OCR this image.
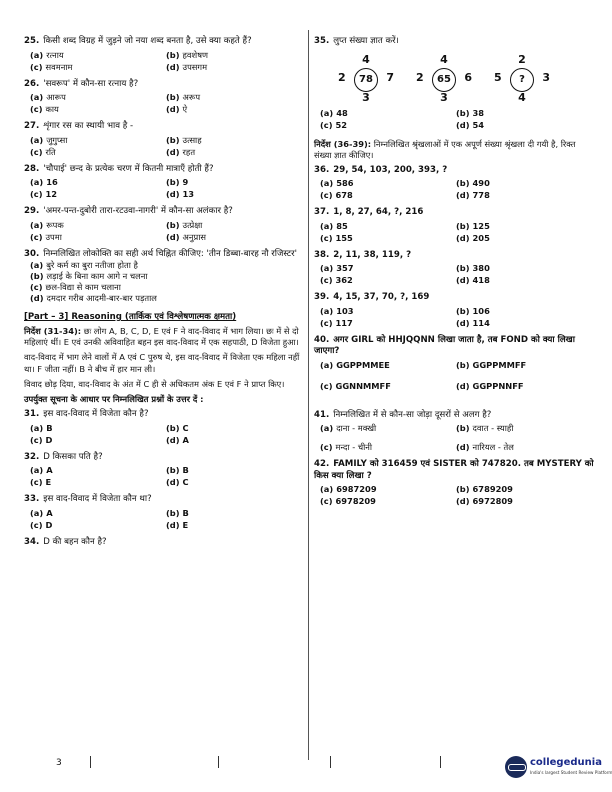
25. किसी शब्द विग्रह में जुड़ने जो नया शब्द बनता है, उसे क्या कहते हैं?
(a) रत्नाय	(b) हवशेषण
(c) सवमनाम	(d) उपसगम
26. 'सवरूप' में कौन-सा रत्नाय है?
(a) आरूप	(b) अरूप
(c) काय	(d) ऐ
27. शृंगार रस का स्थायी भाव है -
(a) जुगुप्सा	(b) उत्साह
(c) रति	(d) रहत
28. 'चौपाई' छन्द के प्रत्येक चरण में कितनी मात्राएँ होती हैं?
(a) 16	(b) 9
(c) 12	(d) 13
29. 'अमर-पन्त-दुबोरी तारा-रटउवा-नागरी' में कौन-सा अलंकार है?
(a) रूपक	(b) उत्प्रेक्षा
(c) उपमा	(d) अनुप्रास
30. निम्नलिखित लोकोक्ति का सही अर्थ चिह्नित कीजिए: 'तीन डिब्बा-बारह नौ रजिस्टर'
(a) बुरे कर्म का बुरा नतीजा होता है
(b) लड़ाई के बिना काम आगे न चलना
(c) छल-विद्या से काम चलाना
(d) दमदार गरीब आदमी-बार-बार पड़ताल
[Part – 3] Reasoning (तार्किक एवं विश्लेषणात्मक क्षमता)
निर्देश (31-34): छः लोग A, B, C, D, E एवं F ने वाद-विवाद में भाग लिया। छः में से दो महिलाएं थीं। E एवं उनकी अविवाहित बहन इस वाद-विवाद में एक सहपाठी, D विजेता हुआ।
वाद-विवाद में भाग लेने वालों में A एवं C पुरुष थे, इस वाद-विवाद में विजेता एक महिला नहीं था। F जीता नहीं। B ने बीच में हार मान ली।
विवाद छोड़ दिया, वाद-विवाद के अंत में C ही से अधिकतम अंक E एवं F ने प्राप्त किए।
उपर्युक्त सूचना के आधार पर निम्नलिखित प्रश्नों के उत्तर दें :
31. इस वाद-विवाद में विजेता कौन है?
(a) B	(b) C
(c) D	(d) A
32. D किसका पति है?
(a) A	(b) B
(c) E	(d) C
33. इस वाद-विवाद में विजेता कौन था?
(a) A	(b) B
(c) D	(d) E
34. D की बहन कौन है?
35. लुप्त संख्या ज्ञात करें।
4
2	78	7
3
4
2	65	6
3
2
5	?	3
4
(a) 48	(b) 38
(c) 52	(d) 54
निर्देश (36-39): निम्नलिखित श्रृंखलाओं में एक अपूर्ण संख्या श्रृंखला दी गयी है, रिक्त संख्या ज्ञात कीजिए।
36. 29, 54, 103, 200, 393, ?
(a) 586	(b) 490
(c) 678	(d) 778
37. 1, 8, 27, 64, ?, 216
(a) 85	(b) 125
(c) 155	(d) 205
38. 2, 11, 38, 119, ?
(a) 357	(b) 380
(c) 362	(d) 418
39. 4, 15, 37, 70, ?, 169
(a) 103	(b) 106
(c) 117	(d) 114
40. अगर GIRL को HHJQQNN लिखा जाता है, तब FOND को क्या लिखा जाएगा?
(a) GGPPMMEE	(b) GGPPMMFF
(c) GGNNMMFF	(d) GGPPNNFF
41. निम्नलिखित में से कौन-सा जोड़ा दूसरों से अलग है?
(a) दाना - मक्खी	(b) दवात - स्याही
(c) मन्दा - चीनी	(d) नारियल - तेल
42. FAMILY को 316459 एवं SISTER को 747820. तब MYSTERY को किस क्या लिखा ?
(a) 6987209	(b) 6789209
(c) 6978209	(d) 6972809
3	collegedunia
India's largest Student Review Platform
